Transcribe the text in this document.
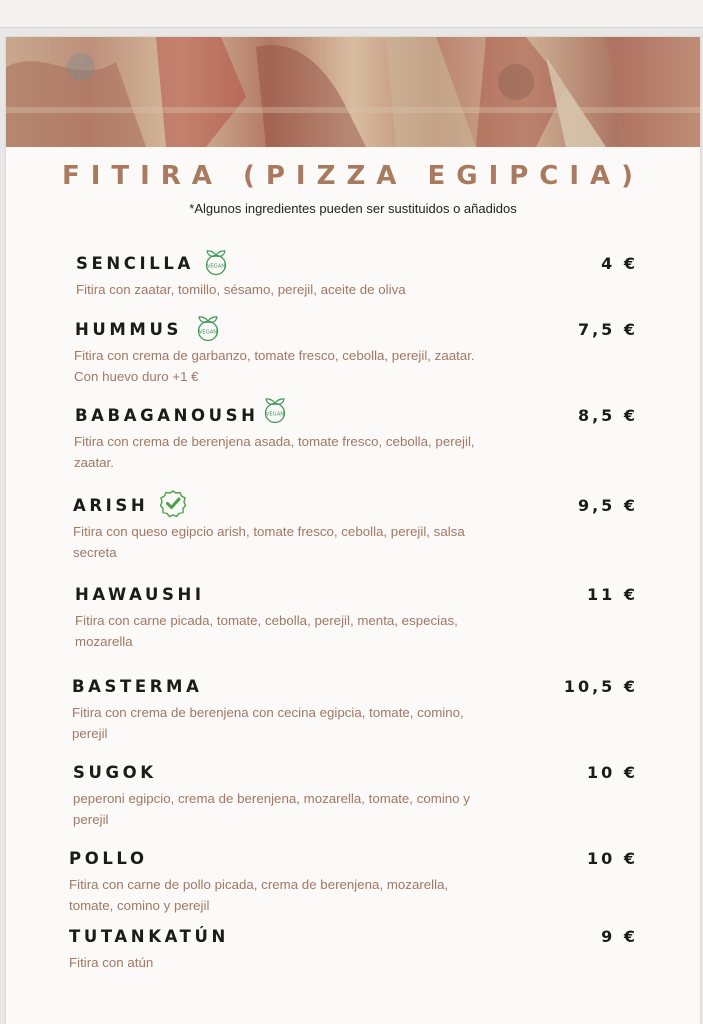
FITIRA (PIZZA EGIPCIA)
*Algunos ingredientes pueden ser sustituidos o añadidos
SENCILLA	4 €
VEGAN
Fitira con zaatar, tomillo, sésamo, perejil, aceite de oliva
HUMMUS	7,5 €
VEGAN
Fitira con crema de garbanzo, tomate fresco, cebolla, perejil, zaatar. Con huevo duro +1 €
BABAGANOUSH	8,5 €
VEGAN
Fitira con crema de berenjena asada, tomate fresco, cebolla, perejil, zaatar.
ARISH	9,5 €
Fitira con queso egipcio arish, tomate fresco, cebolla, perejil, salsa secreta
HAWAUSHI	11 €
Fitira con carne picada, tomate, cebolla, perejil, menta, especias, mozarella
BASTERMA	10,5 €
Fitira con crema de berenjena con cecina egipcia, tomate, comino, perejil
SUGOK	10 €
peperoni egipcio, crema de berenjena, mozarella, tomate, comino y perejil
POLLO	10 €
Fitira con carne de pollo picada, crema de berenjena, mozarella, tomate, comino y perejil
TUTANKATÚN	9 €
Fitira con atún
